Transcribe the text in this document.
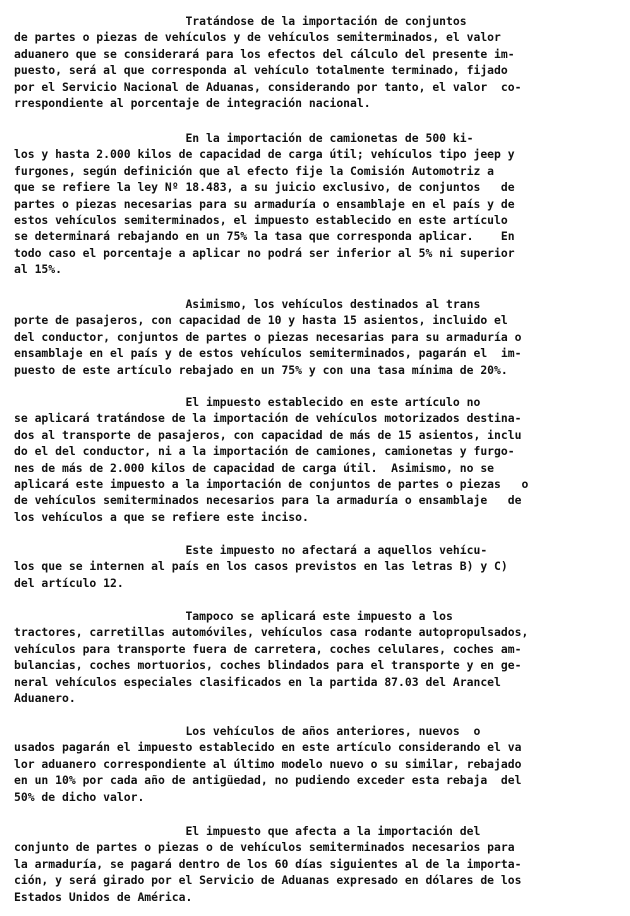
Tratándose de la importación de conjuntos
de partes o piezas de vehículos y de vehículos semiterminados, el valor
aduanero que se considerará para los efectos del cálculo del presente im-
puesto, será al que corresponda al vehículo totalmente terminado, fijado
por el Servicio Nacional de Aduanas, considerando por tanto, el valor  co-
rrespondiente al porcentaje de integración nacional.
En la importación de camionetas de 500 ki-
los y hasta 2.000 kilos de capacidad de carga útil; vehículos tipo jeep y
furgones, según definición que al efecto fije la Comisión Automotriz a
que se refiere la ley Nº 18.483, a su juicio exclusivo, de conjuntos   de
partes o piezas necesarias para su armaduría o ensamblaje en el país y de
estos vehículos semiterminados, el impuesto establecido en este artículo
se determinará rebajando en un 75% la tasa que corresponda aplicar.    En
todo caso el porcentaje a aplicar no podrá ser inferior al 5% ni superior
al 15%.
Asimismo, los vehículos destinados al trans
porte de pasajeros, con capacidad de 10 y hasta 15 asientos, incluido el
del conductor, conjuntos de partes o piezas necesarias para su armaduría o
ensamblaje en el país y de estos vehículos semiterminados, pagarán el  im-
puesto de este artículo rebajado en un 75% y con una tasa mínima de 20%.
El impuesto establecido en este artículo no
se aplicará tratándose de la importación de vehículos motorizados destina-
dos al transporte de pasajeros, con capacidad de más de 15 asientos, inclu
do el del conductor, ni a la importación de camiones, camionetas y furgo-
nes de más de 2.000 kilos de capacidad de carga útil.  Asimismo, no se
aplicará este impuesto a la importación de conjuntos de partes o piezas   o
de vehículos semiterminados necesarios para la armaduría o ensamblaje   de
los vehículos a que se refiere este inciso.
Este impuesto no afectará a aquellos vehícu-
los que se internen al país en los casos previstos en las letras B) y C)
del artículo 12.
Tampoco se aplicará este impuesto a los
tractores, carretillas automóviles, vehículos casa rodante autopropulsados,
vehículos para transporte fuera de carretera, coches celulares, coches am-
bulancias, coches mortuorios, coches blindados para el transporte y en ge-
neral vehículos especiales clasificados en la partida 87.03 del Arancel
Aduanero.
Los vehículos de años anteriores, nuevos  o
usados pagarán el impuesto establecido en este artículo considerando el va
lor aduanero correspondiente al último modelo nuevo o su similar, rebajado
en un 10% por cada año de antigüedad, no pudiendo exceder esta rebaja  del
50% de dicho valor.
El impuesto que afecta a la importación del
conjunto de partes o piezas o de vehículos semiterminados necesarios para
la armaduría, se pagará dentro de los 60 días siguientes al de la importa-
ción, y será girado por el Servicio de Aduanas expresado en dólares de los
Estados Unidos de América.
